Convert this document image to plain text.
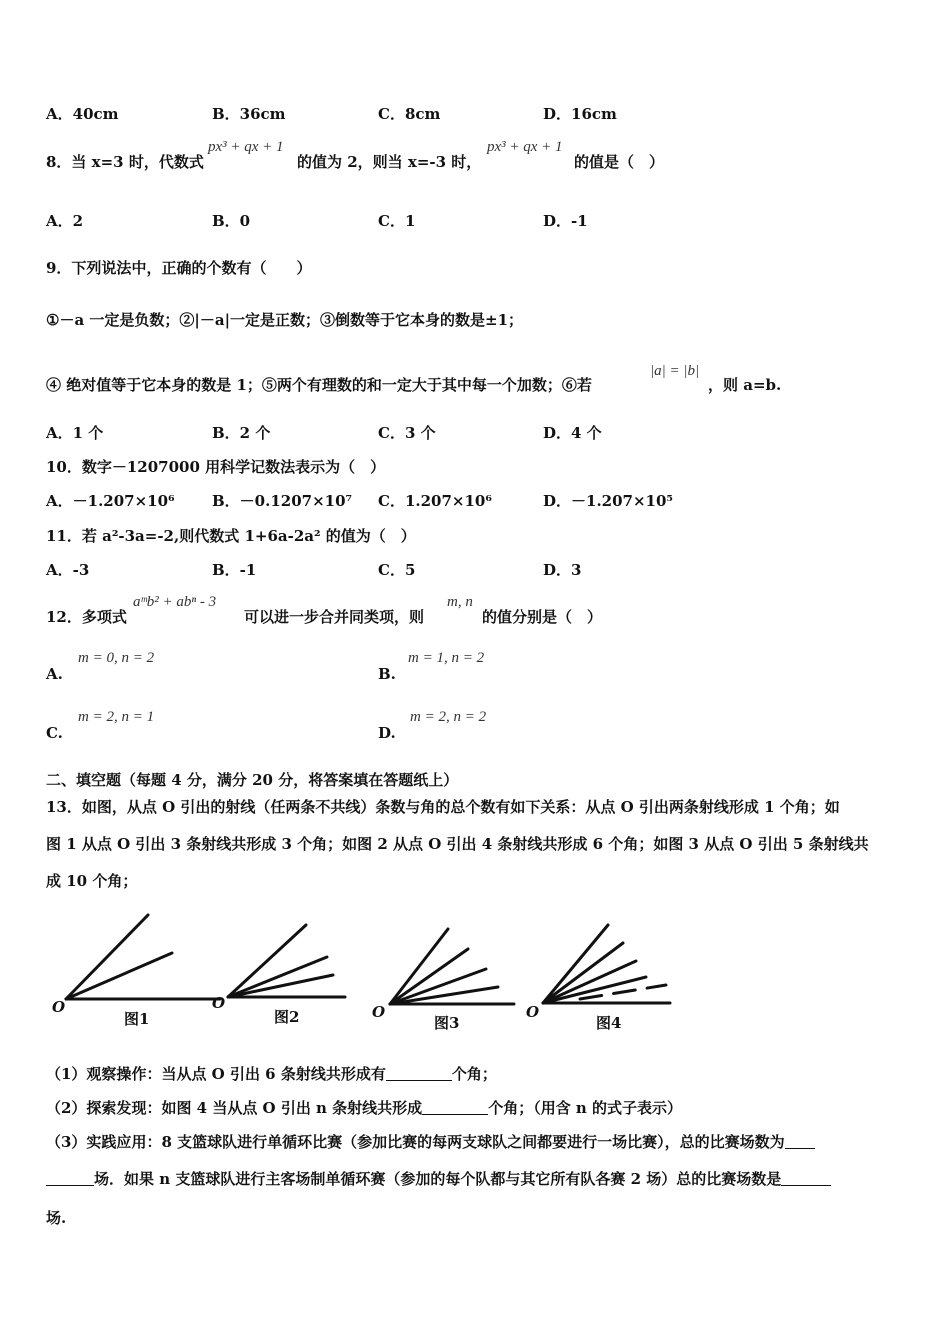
A．40cm	B．36cm	C．8cm	D．16cm
8．当 x=3 时，代数式
px³ + qx + 1
的值为 2，则当 x=-3 时，
px³ + qx + 1
的值是（　）
A．2	B．0	C．1	D．-1
9．下列说法中，正确的个数有（　　）
①－a 一定是负数；②|－a|一定是正数；③倒数等于它本身的数是±1；
④ 绝对值等于它本身的数是 1；⑤两个有理数的和一定大于其中每一个加数；⑥若
|a| = |b|
，则 a=b.
A．1 个	B．2 个	C．3 个	D．4 个
10．数字－1207000 用科学记数法表示为（　）
A．－1.207×10⁶ B．－0.1207×10⁷ C．1.207×10⁶	D．－1.207×10⁵
11．若 a²-3a=-2,则代数式 1+6a-2a² 的值为（　）
A．-3	B．-1	C．5	D．3
12．多项式
aᵐb² + abⁿ - 3
可以进一步合并同类项，则
m, n
的值分别是（　）
A.
m = 0, n = 2
B.
m = 1, n = 2
C.
m = 2, n = 1
D.
m = 2, n = 2
二、填空题（每题 4 分，满分 20 分，将答案填在答题纸上）
13．如图，从点 O 引出的射线（任两条不共线）条数与角的总个数有如下关系：从点 O 引出两条射线形成 1 个角；如
图 1 从点 O 引出 3 条射线共形成 3 个角；如图 2 从点 O 引出 4 条射线共形成 6 个角；如图 3 从点 O 引出 5 条射线共
成 10 个角；
O	O	O	O
图1	图2	图3	图4
（1）观察操作：当从点 O 引出 6 条射线共形成有	个角；
（2）探索发现：如图 4 当从点 O 引出 n 条射线共形成	个角；（用含 n 的式子表示）
（3）实践应用：8 支篮球队进行单循环比赛（参加比赛的每两支球队之间都要进行一场比赛），总的比赛场数为
场．如果 n 支篮球队进行主客场制单循环赛（参加的每个队都与其它所有队各赛 2 场）总的比赛场数是
场.
